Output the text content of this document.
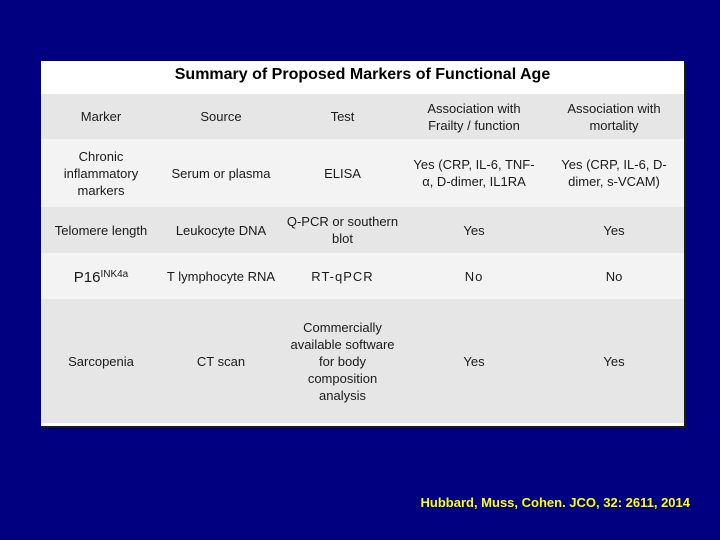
Summary of Proposed Markers of Functional Age
Marker	Source	Test	Association with Frailty / function	Association with mortality
Chronic inflammatory markers	Serum or plasma	ELISA	Yes (CRP, IL-6, TNF-α, D-dimer, IL1RA	Yes (CRP, IL-6, D-dimer, s-VCAM)
Telomere length	Leukocyte DNA	Q-PCR or southern blot	Yes	Yes
$P16^{INK4a}$	T lymphocyte RNA	RT-qPCR	No	No
Sarcopenia	CT scan	Commercially available software for body composition analysis	Yes	Yes
Hubbard, Muss, Cohen. JCO, 32: 2611, 2014
